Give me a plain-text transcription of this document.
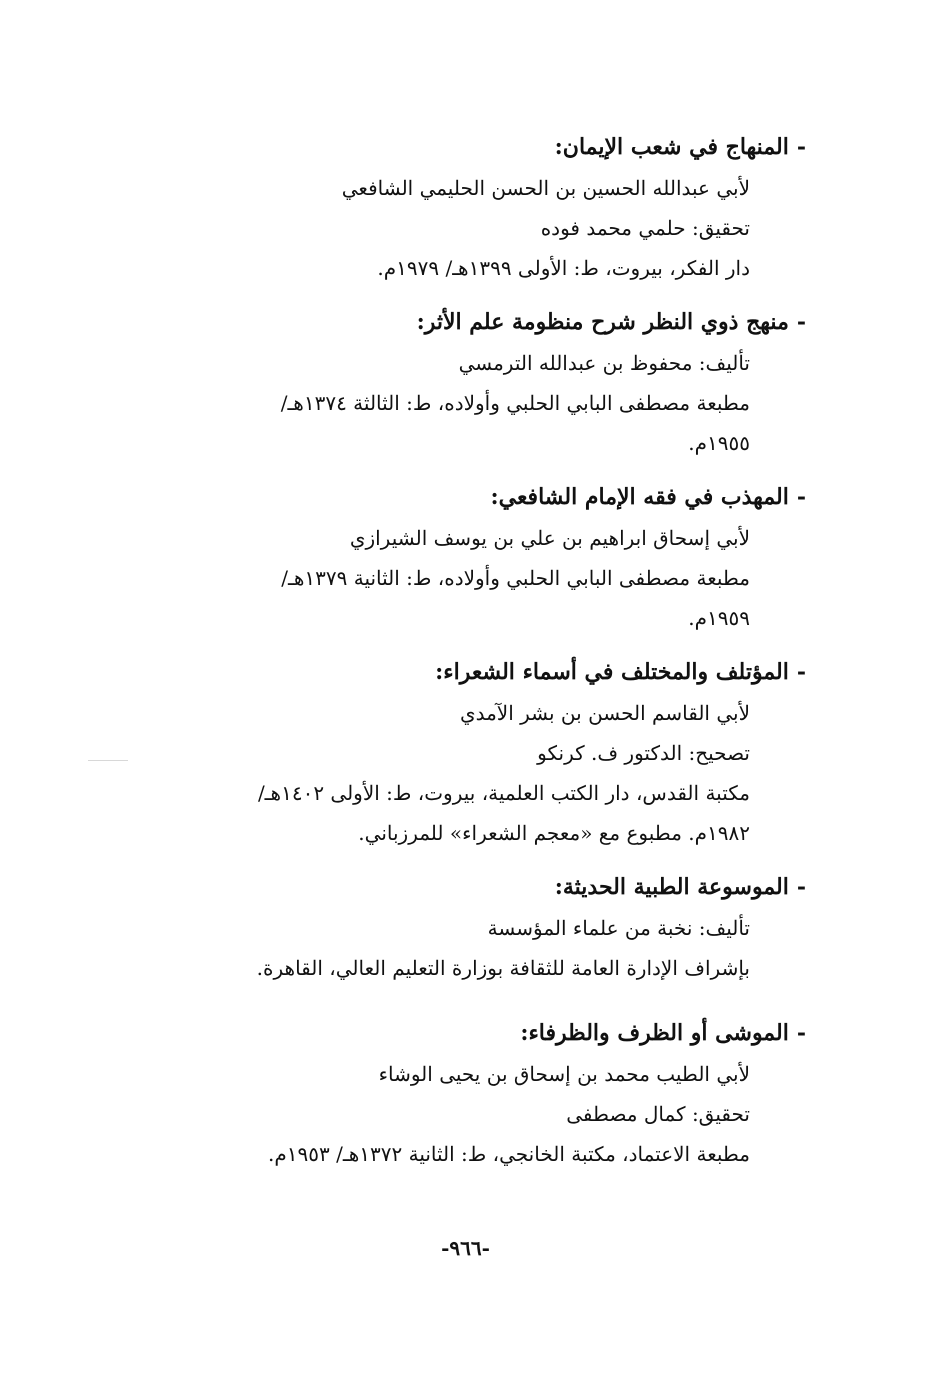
-المنهاج في شعب الإيمان:
لأبي عبدالله الحسين بن الحسن الحليمي الشافعي
تحقيق: حلمي محمد فوده
دار الفكر، بيروت، ط: الأولى ١٣٩٩هـ/ ١٩٧٩م.
-منهج ذوي النظر شرح منظومة علم الأثر:
تأليف: محفوظ بن عبدالله الترمسي
مطبعة مصطفى البابي الحلبي وأولاده، ط: الثالثة ١٣٧٤هـ/
١٩٥٥م.
-المهذب في فقه الإمام الشافعي:
لأبي إسحاق ابراهيم بن علي بن يوسف الشيرازي
مطبعة مصطفى البابي الحلبي وأولاده، ط: الثانية ١٣٧٩هـ/
١٩٥٩م.
-المؤتلف والمختلف في أسماء الشعراء:
لأبي القاسم الحسن بن بشر الآمدي
تصحيح: الدكتور ف. كرنكو
مكتبة القدس، دار الكتب العلمية، بيروت، ط: الأولى ١٤٠٢هـ/
١٩٨٢م. مطبوع مع «معجم الشعراء» للمرزباني.
-الموسوعة الطبية الحديثة:
تأليف: نخبة من علماء المؤسسة
بإشراف الإدارة العامة للثقافة بوزارة التعليم العالي، القاهرة.
-الموشى أو الظرف والظرفاء:
لأبي الطيب محمد بن إسحاق بن يحيى الوشاء
تحقيق: كمال مصطفى
مطبعة الاعتماد، مكتبة الخانجي، ط: الثانية ١٣٧٢هـ/ ١٩٥٣م.
-٩٦٦-
